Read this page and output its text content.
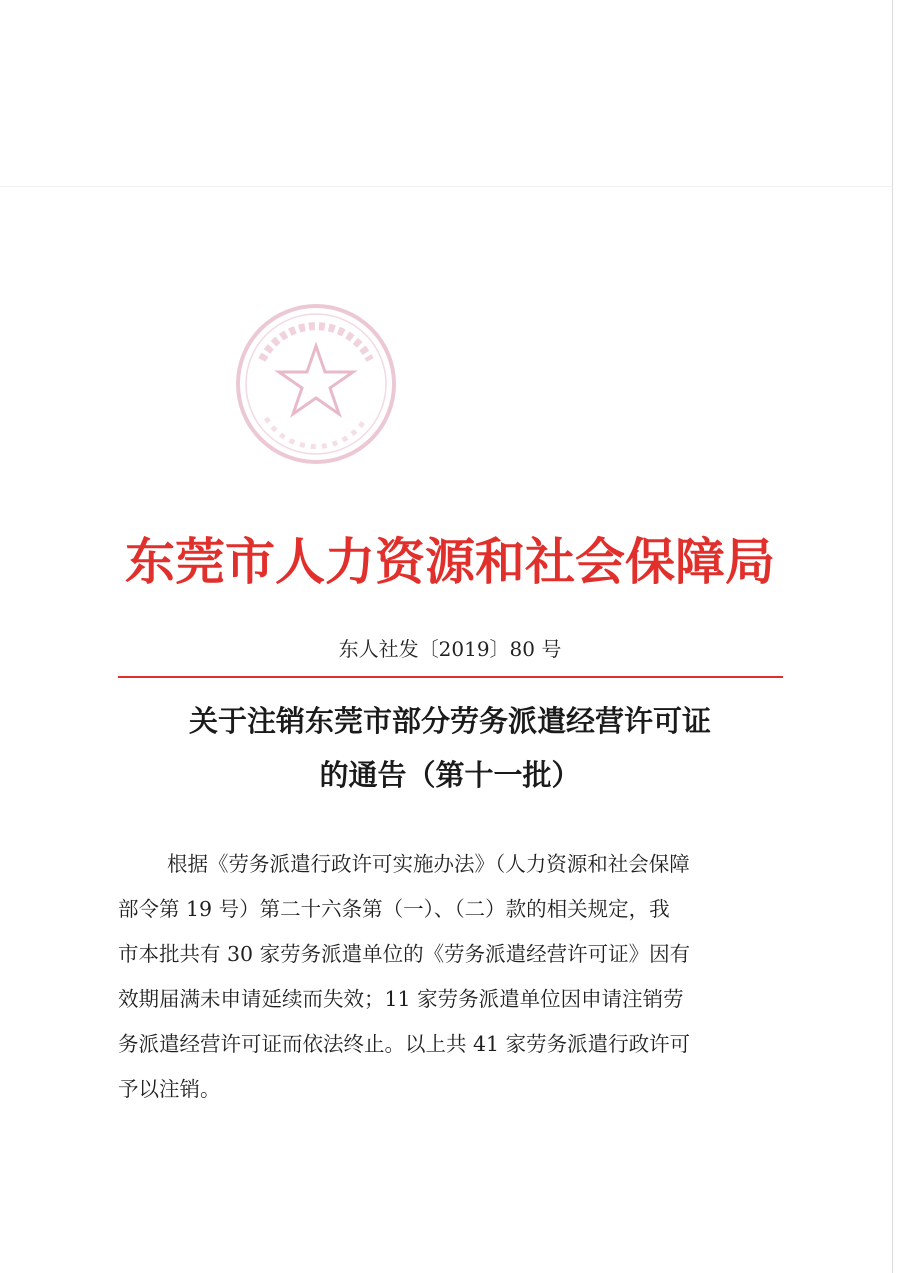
东莞市人力资源和社会保障局
东人社发〔2019〕80 号
关于注销东莞市部分劳务派遣经营许可证
的通告（第十一批）
根据《劳务派遣行政许可实施办法》（人力资源和社会保障
部令第 19 号）第二十六条第（一）、（二）款的相关规定，我
市本批共有 30 家劳务派遣单位的《劳务派遣经营许可证》因有
效期届满未申请延续而失效；11 家劳务派遣单位因申请注销劳
务派遣经营许可证而依法终止。以上共 41 家劳务派遣行政许可
予以注销。
